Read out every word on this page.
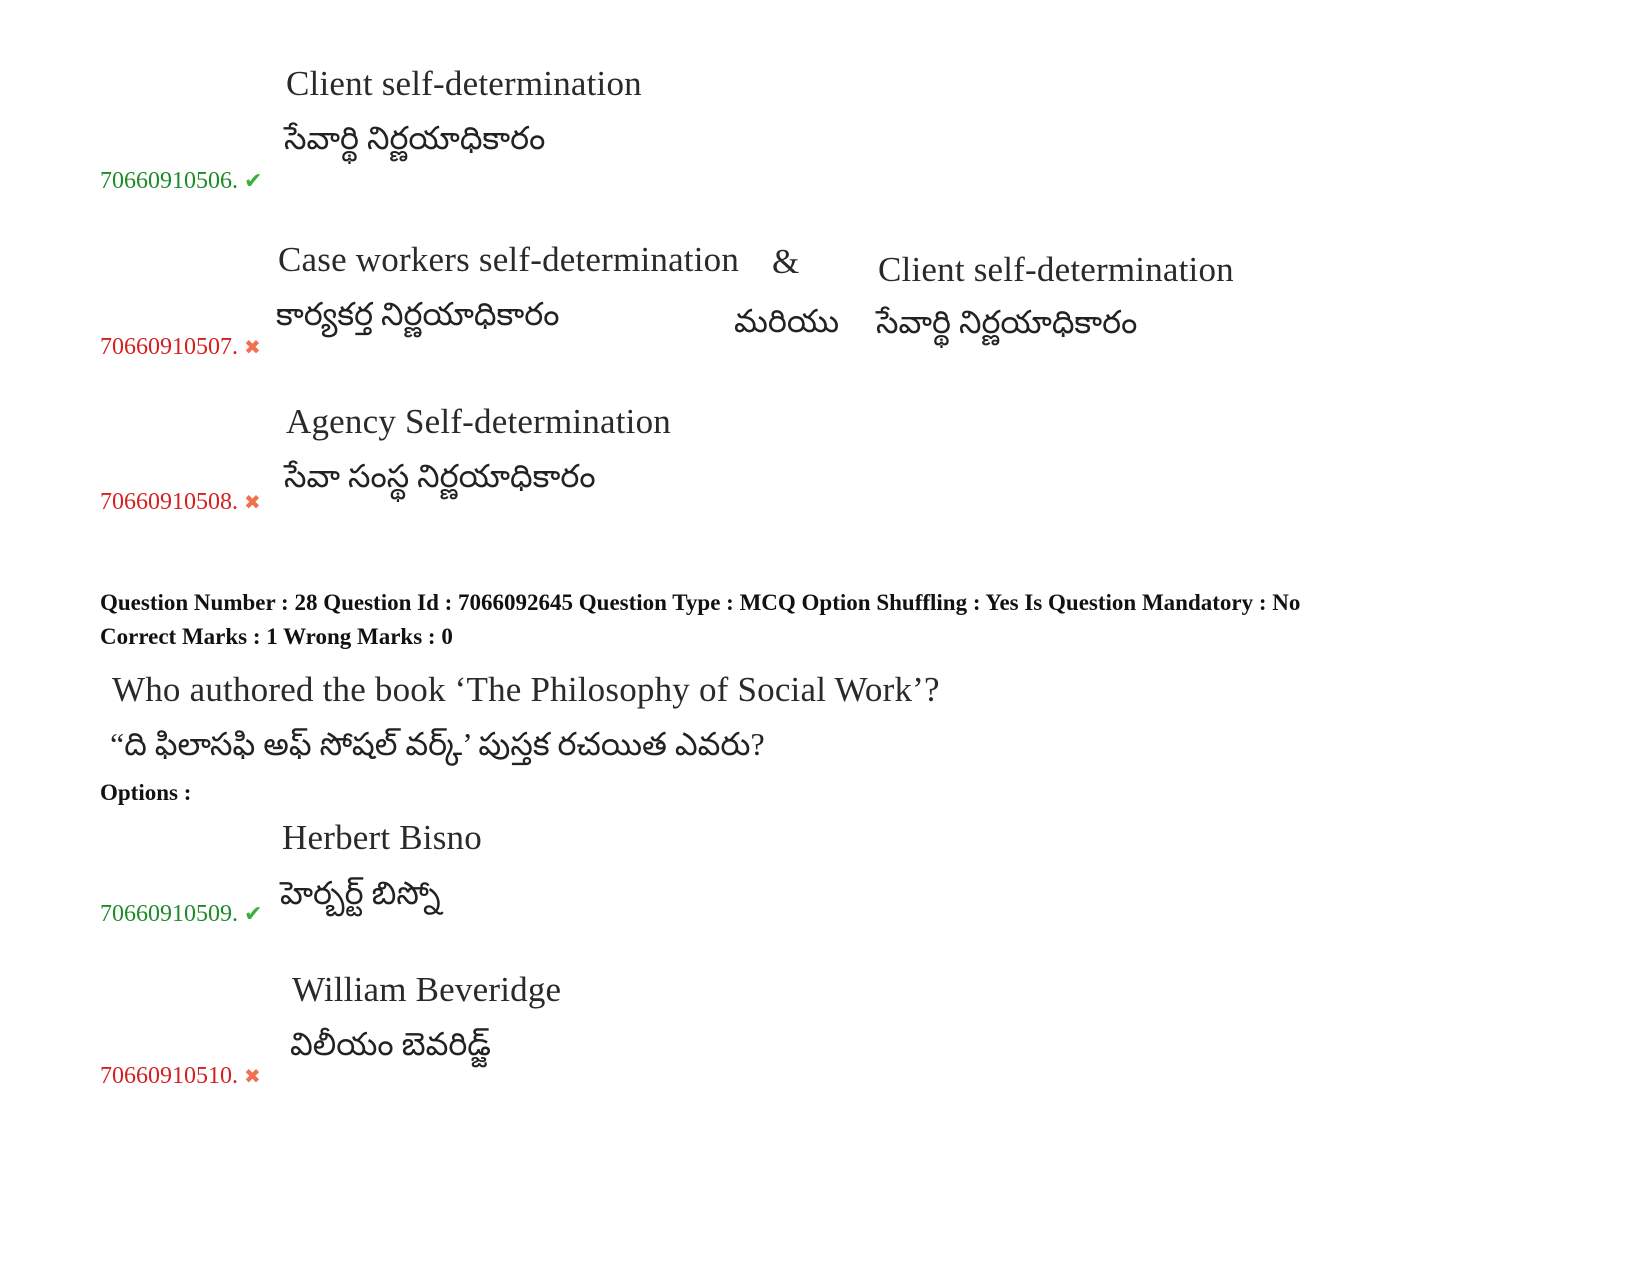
Client self-determination
సేవార్థి నిర్ణయాధికారం
70660910506. ✔
Case workers self-determination
కార్యకర్త నిర్ణయాధికారం
&
మరియు
Client self-determination
సేవార్థి నిర్ణయాధికారం
70660910507. ✖
Agency Self-determination
సేవా సంస్థ నిర్ణయాధికారం
70660910508. ✖
Question Number : 28 Question Id : 7066092645 Question Type : MCQ Option Shuffling : Yes Is Question Mandatory : No
Correct Marks : 1 Wrong Marks : 0
Who authored the book ‘The Philosophy of Social Work’?
“ది ఫిలాసఫి అఫ్ సోషల్ వర్క్’ పుస్తక రచయిత ఎవరు?
Options :
Herbert Bisno
హెర్బర్ట్ బిస్నో
70660910509. ✔
William Beveridge
విలీయం బెవరిడ్జ్
70660910510. ✖
